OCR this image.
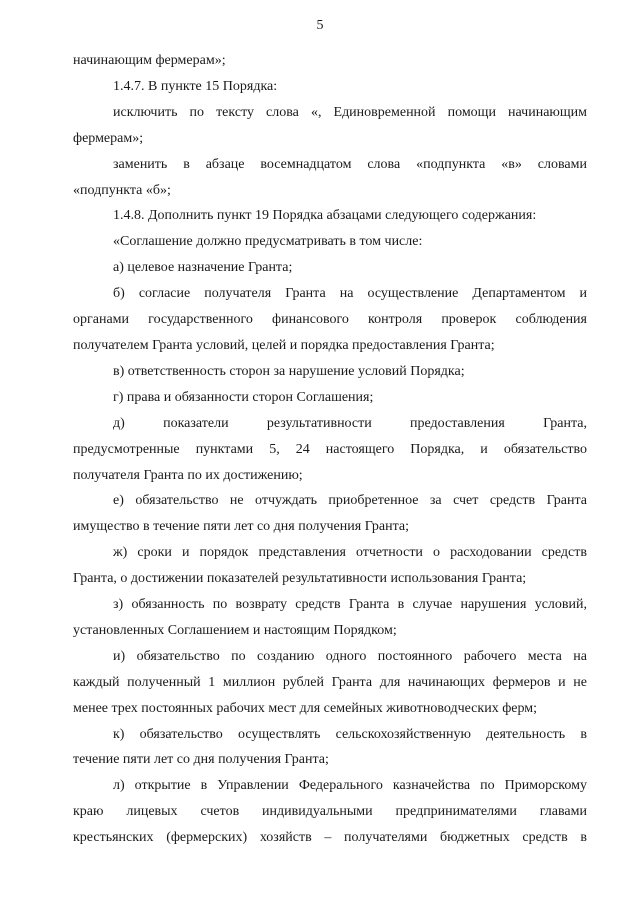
5
начинающим фермерам»;
1.4.7. В пункте 15 Порядка:
исключить по тексту слова «, Единовременной помощи начинающим
фермерам»;
заменить в абзаце восемнадцатом слова «подпункта «в» словами
«подпункта «б»;
1.4.8. Дополнить пункт 19 Порядка абзацами следующего содержания:
«Соглашение должно предусматривать в том числе:
а) целевое назначение Гранта;
б) согласие получателя Гранта на осуществление Департаментом и
органами государственного финансового контроля проверок соблюдения
получателем Гранта условий, целей и порядка предоставления Гранта;
в) ответственность сторон за нарушение условий Порядка;
г) права и обязанности сторон Соглашения;
д) показатели результативности предоставления Гранта,
предусмотренные пунктами 5, 24 настоящего Порядка, и обязательство
получателя Гранта по их достижению;
е) обязательство не отчуждать приобретенное за счет средств Гранта
имущество в течение пяти лет со дня получения Гранта;
ж) сроки и порядок представления отчетности о расходовании средств
Гранта, о достижении показателей результативности использования Гранта;
з) обязанность по возврату средств Гранта в случае нарушения условий,
установленных Соглашением и настоящим Порядком;
и) обязательство по созданию одного постоянного рабочего места на
каждый полученный 1 миллион рублей Гранта для начинающих фермеров и не
менее трех постоянных рабочих мест для семейных животноводческих ферм;
к) обязательство осуществлять сельскохозяйственную деятельность в
течение пяти лет со дня получения Гранта;
л) открытие в Управлении Федерального казначейства по Приморскому
краю лицевых счетов индивидуальными предпринимателями главами
крестьянских (фермерских) хозяйств – получателями бюджетных средств в
